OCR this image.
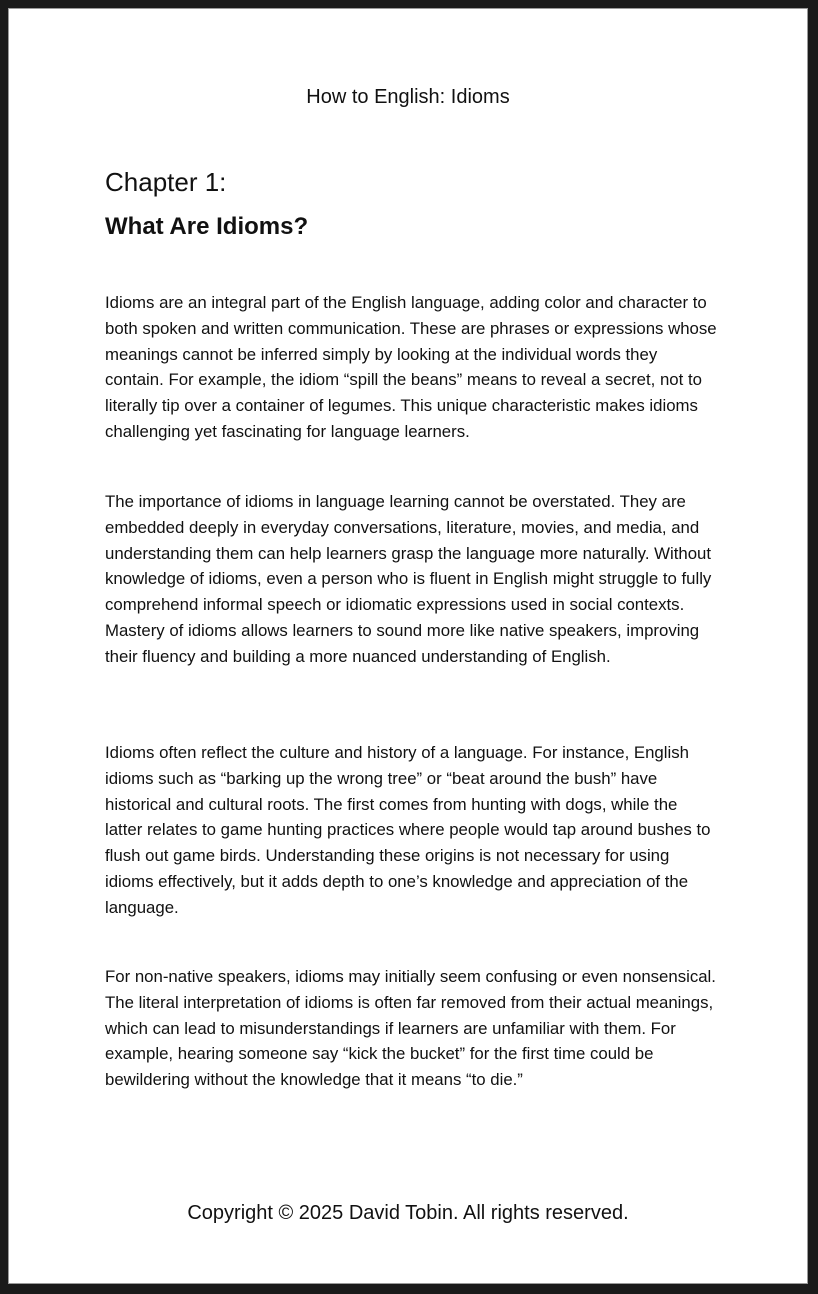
How to English: Idioms
Chapter 1:
What Are Idioms?

Idioms are an integral part of the English language, adding color and character to both spoken and written communication. These are phrases or expressions whose meanings cannot be inferred simply by looking at the individual words they contain. For example, the idiom “spill the beans” means to reveal a secret, not to literally tip over a container of legumes. This unique characteristic makes idioms challenging yet fascinating for language learners.

The importance of idioms in language learning cannot be overstated. They are embedded deeply in everyday conversations, literature, movies, and media, and understanding them can help learners grasp the language more naturally. Without knowledge of idioms, even a person who is fluent in English might struggle to fully comprehend informal speech or idiomatic expressions used in social contexts. Mastery of idioms allows learners to sound more like native speakers, improving their fluency and building a more nuanced understanding of English.

Idioms often reflect the culture and history of a language. For instance, English idioms such as “barking up the wrong tree” or “beat around the bush” have historical and cultural roots. The first comes from hunting with dogs, while the latter relates to game hunting practices where people would tap around bushes to flush out game birds. Understanding these origins is not necessary for using idioms effectively, but it adds depth to one’s knowledge and appreciation of the language.

For non-native speakers, idioms may initially seem confusing or even nonsensical. The literal interpretation of idioms is often far removed from their actual meanings, which can lead to misunderstandings if learners are unfamiliar with them. For example, hearing someone say “kick the bucket” for the first time could be bewildering without the knowledge that it means “to die.”

Copyright © 2025 David Tobin. All rights reserved.
